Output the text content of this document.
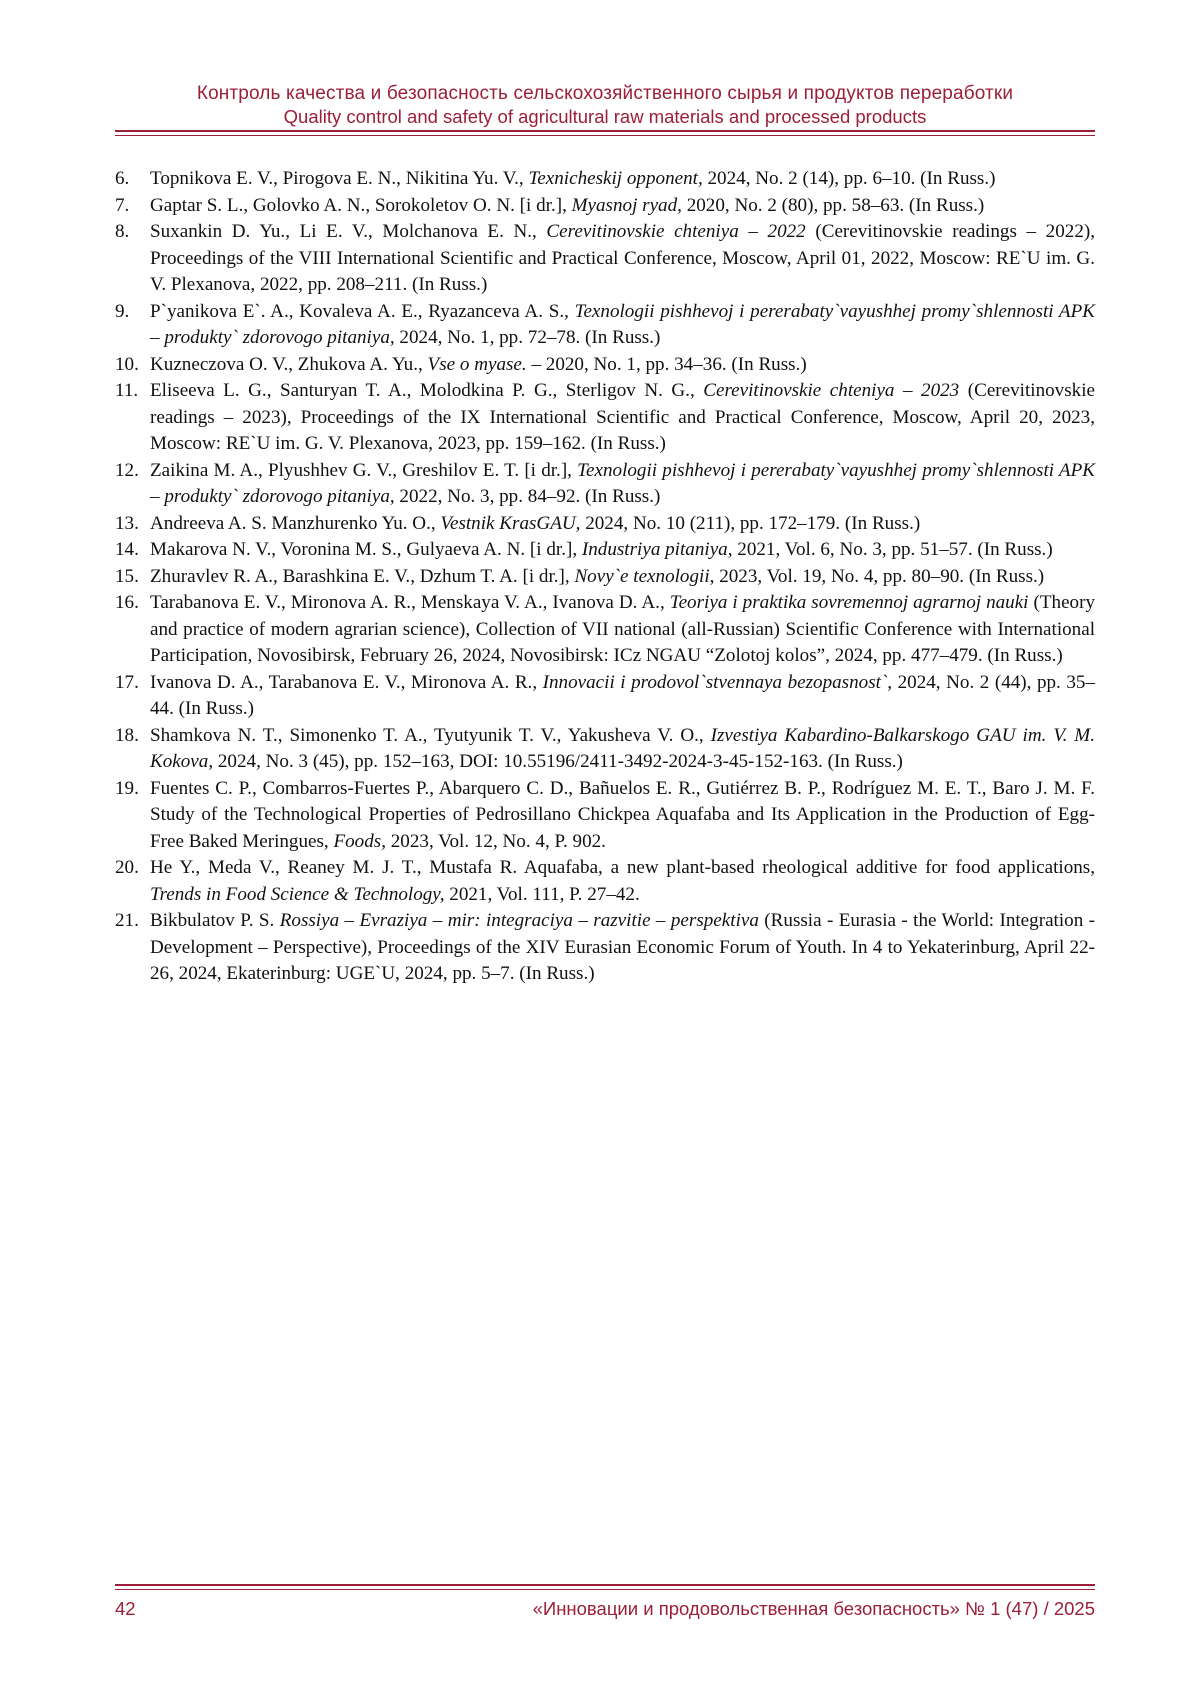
Контроль качества и безопасность сельскохозяйственного сырья и продуктов переработки
Quality control and safety of agricultural raw materials and processed products
6. Topnikova E. V., Pirogova E. N., Nikitina Yu. V., Texnicheskij opponent, 2024, No. 2 (14), pp. 6–10. (In Russ.)
7. Gaptar S. L., Golovko A. N., Sorokoletov O. N. [i dr.], Myasnoj ryad, 2020, No. 2 (80), pp. 58–63. (In Russ.)
8. Suxankin D. Yu., Li E. V., Molchanova E. N., Cerevitinovskie chteniya – 2022 (Cerevitinovskie readings – 2022), Proceedings of the VIII International Scientific and Practical Conference, Moscow, April 01, 2022, Moscow: RE`U im. G. V. Plexanova, 2022, pp. 208–211. (In Russ.)
9. P`yanikova E`. A., Kovaleva A. E., Ryazanceva A. S., Texnologii pishhevoj i pererabaty`vayushhej promy`shlennosti APK – produkty` zdorovogo pitaniya, 2024, No. 1, pp. 72–78. (In Russ.)
10. Kuzneczova O. V., Zhukova A. Yu., Vse o myase. – 2020, No. 1, pp. 34–36. (In Russ.)
11. Eliseeva L. G., Santuryan T. A., Molodkina P. G., Sterligov N. G., Cerevitinovskie chteniya – 2023 (Cerevitinovskie readings – 2023), Proceedings of the IX International Scientific and Practical Conference, Moscow, April 20, 2023, Moscow: RE`U im. G. V. Plexanova, 2023, pp. 159–162. (In Russ.)
12. Zaikina M. A., Plyushhev G. V., Greshilov E. T. [i dr.], Texnologii pishhevoj i pererabaty`vayushhej promy`shlennosti APK – produkty` zdorovogo pitaniya, 2022, No. 3, pp. 84–92. (In Russ.)
13. Andreeva A. S. Manzhurenko Yu. O., Vestnik KrasGAU, 2024, No. 10 (211), pp. 172–179. (In Russ.)
14. Makarova N. V., Voronina M. S., Gulyaeva A. N. [i dr.], Industriya pitaniya, 2021, Vol. 6, No. 3, pp. 51–57. (In Russ.)
15. Zhuravlev R. A., Barashkina E. V., Dzhum T. A. [i dr.], Novy`e texnologii, 2023, Vol. 19, No. 4, pp. 80–90. (In Russ.)
16. Tarabanova E. V., Mironova A. R., Menskaya V. A., Ivanova D. A., Teoriya i praktika sovremennoj agrarnoj nauki (Theory and practice of modern agrarian science), Collection of VII national (all-Russian) Scientific Conference with International Participation, Novosibirsk, February 26, 2024, Novosibirsk: ICz NGAU “Zolotoj kolos”, 2024, pp. 477–479. (In Russ.)
17. Ivanova D. A., Tarabanova E. V., Mironova A. R., Innovacii i prodovol`stvennaya bezopasnost`, 2024, No. 2 (44), pp. 35–44. (In Russ.)
18. Shamkova N. T., Simonenko T. A., Tyutyunik T. V., Yakusheva V. O., Izvestiya Kabardino-Balkarskogo GAU im. V. M. Kokova, 2024, No. 3 (45), pp. 152–163, DOI: 10.55196/2411-3492-2024-3-45-152-163. (In Russ.)
19. Fuentes C. P., Combarros-Fuertes P., Abarquero C. D., Bañuelos E. R., Gutiérrez B. P., Rodríguez M. E. T., Baro J. M. F. Study of the Technological Properties of Pedrosillano Chickpea Aquafaba and Its Application in the Production of Egg-Free Baked Meringues, Foods, 2023, Vol. 12, No. 4, P. 902.
20. He Y., Meda V., Reaney M. J. T., Mustafa R. Aquafaba, a new plant-based rheological additive for food applications, Trends in Food Science & Technology, 2021, Vol. 111, P. 27–42.
21. Bikbulatov P. S. Rossiya – Evraziya – mir: integraciya – razvitie – perspektiva (Russia - Eurasia - the World: Integration - Development – Perspective), Proceedings of the XIV Eurasian Economic Forum of Youth. In 4 to Yekaterinburg, April 22-26, 2024, Ekaterinburg: UGE`U, 2024, pp. 5–7. (In Russ.)
42	«Инновации и продовольственная безопасность» № 1 (47) / 2025
